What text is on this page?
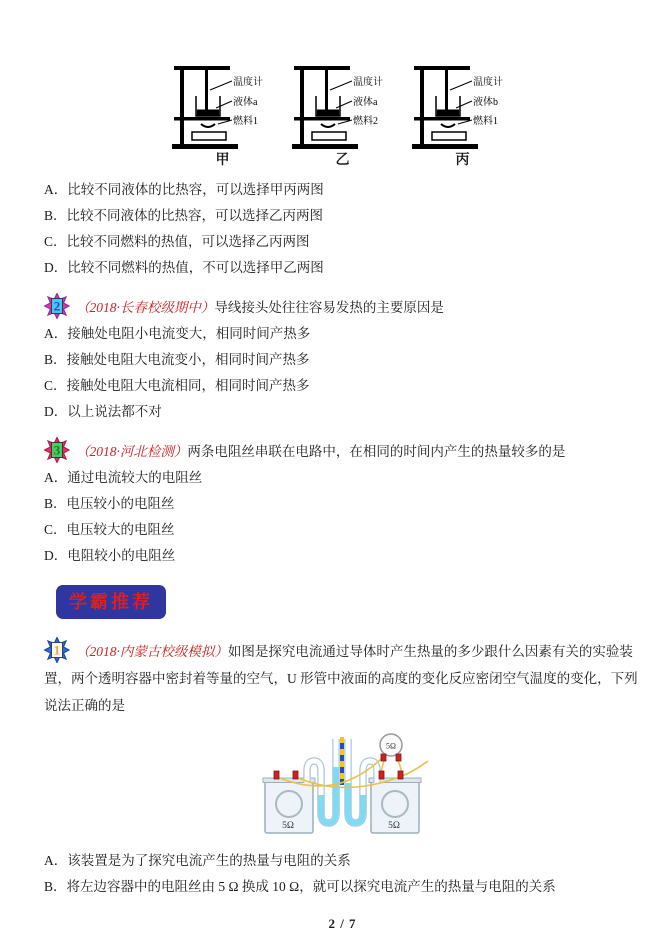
温度计
液体a
燃料1
甲
温度计
液体a
燃料2
乙
温度计
液体b
燃料1
丙
A．比较不同液体的比热容，可以选择甲丙两图
B．比较不同液体的比热容，可以选择乙丙两图
C．比较不同燃料的热值，可以选择乙丙两图
D．比较不同燃料的热值，不可以选择甲乙两图
2 （2018·长春校级期中）导线接头处往往容易发热的主要原因是
A．接触处电阻小电流变大，相同时间产热多
B．接触处电阻大电流变小，相同时间产热多
C．接触处电阻大电流相同，相同时间产热多
D．以上说法都不对
3 （2018·河北检测）两条电阻丝串联在电路中，在相同的时间内产生的热量较多的是
A．通过电流较大的电阻丝
B．电压较小的电阻丝
C．电压较大的电阻丝
D．电阻较小的电阻丝
学霸推荐

1 （2018·内蒙古校级模拟）如图是探究电流通过导体时产生热量的多少跟什么因素有关的实验装置，两个透明容器中密封着等量的空气，U 形管中液面的高度的变化反应密闭空气温度的变化，下列说法正确的是

5Ω
5Ω	5Ω
A．该装置是为了探究电流产生的热量与电阻的关系
B．将左边容器中的电阻丝由 5 Ω 换成 10 Ω，就可以探究电流产生的热量与电阻的关系
2 / 7
